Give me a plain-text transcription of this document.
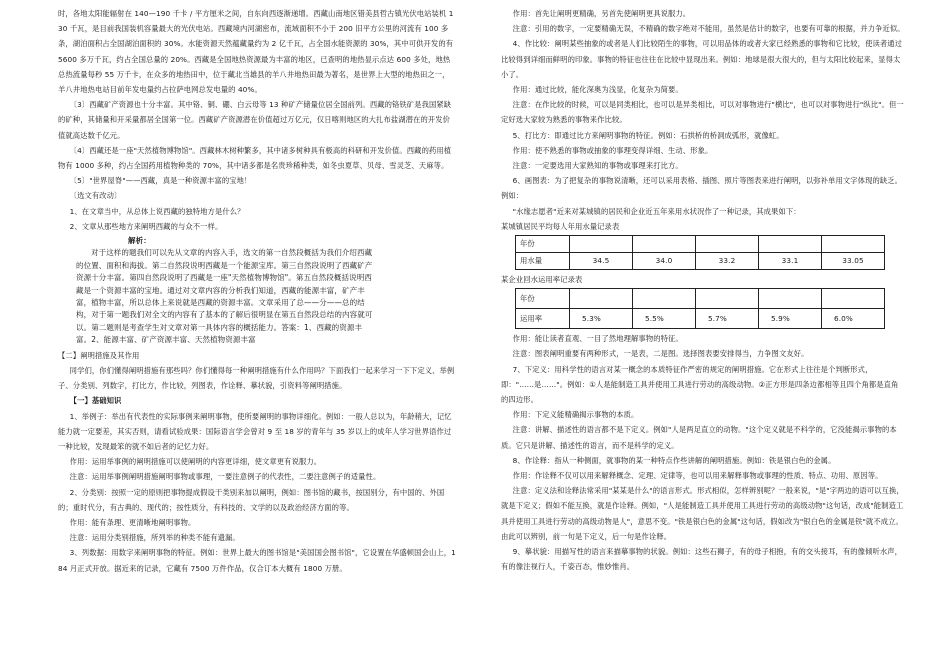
时，各地太阳能辐射在 140—190 千卡 / 平方厘米之间，自东向西逐渐递增。西藏山南地区错美县哲古镇光伏电站装机 130 千瓦，是目前我国装机容量最大的光伏电站。西藏境内河湖密布，流域面积不小于 200 旧平方公里的河流有 100 多条，湖泊面积占全国湖泊面积的 30%。水能资源天然蕴藏量约为 2 亿千瓦，占全国水能资源的 30%，其中可供开发的有 5600 多万千瓦，约占全国总量的 20%。西藏是全国地热资源最为丰富的地区，已查明的地热显示点达 600 多处，地热总热流量每秒 55 万千卡，在众多的地热田中，位于藏北当雄县的羊八井地热田最为著名，是世界上大型的地热田之一，羊八井地热电站目前年发电量约占拉萨电网总发电量的 40%。

〔3〕西藏矿产资源也十分丰富。其中铬、铜、硼、白云母等 13 种矿产储量位居全国前列。西藏的铬铁矿是我国紧缺的矿种，其储量和开采量都居全国第一位。西藏矿产资源潜在价值超过万亿元，仅日喀则地区的大扎布盐湖潜在的开发价值就高达数千亿元。

〔4〕西藏还是一座"天然植物博物馆"。西藏林木树种繁多，其中诸多树种具有极高的科研和开发价值。西藏的药用植物有 1000 多种，约占全国药用植物种类的 70%，其中诸多都是名贵珍稀种类，如冬虫夏草、贝母、雪灵芝、天麻等。

〔5〕"世界屋脊"——西藏，真是一种资源丰富的宝地！

〔选文有改动〕

1、在文章当中，从总体上说西藏的独特地方是什么？

2、文章从那些地方来阐明西藏的与众不一样。

解析：
对于这样的题我们可以先从文章的内容入手，选文的第一自然段概括为我们介绍西藏的位置、面积和海拔。第二自然段说明西藏是一个能源宝库。第三自然段说明了西藏矿产资源十分丰富。第四自然段说明了西藏是一座"天然植物博物馆"。第五自然段概括说明西藏是一个资源丰富的宝地。通过对文章内容的分析我们知道，西藏的能源丰富，矿产丰富，植物丰富，所以总体上来说就是西藏的资源丰富。文章采用了总——分——总的结构，对于第一题我们对全文的内容有了基本的了解后很明显在第五自然段总结的内容就可以。第二题则是考查学生对文章对第一具体内容的概括能力。答案：1、西藏的资源丰富。2、能源丰富、矿产资源丰富、天然植物资源丰富

【二】阐明措施及其作用

同学们，你们懂得阐明措施有那些吗？你们懂得每一种阐明措施有什么作用吗？下面我们一起来学习一下下定义、举例子、分类别、列数字，打比方，作比较，列图表，作诠释、摹状貌，引资料等阐明措施。

【一】基础知识

1、举例子：举出有代表性的实际事例来阐明事物，使所要阐明的事物详细化。例如：一般人总以为，年龄稍大，记忆能力就一定要差，其实否则，请看试验成果：国际语言学会曾对 9 至 18 岁的青年与 35 岁以上的成年人学习世界语作过一种比较，发现最笨的就不如后者的记忆力好。

作用：运用举事例的阐明措施可以使阐明的内容更详细，使文章更有说服力。

注意：运用举事例阐明措施阐明事物或事理，一要注意例子的代表性，二要注意例子的适量性。

2、分类别：按照一定的原则把事物提成假设干类别来加以阐明，例如：图书馆的藏书，按国别分，有中国的、外国的；重时代分，有古典的、现代的；按性质分，有科技的、文学的以及政治经济方面的等。

作用：能有条理、更清晰地阐明事物。

注意：运用分类别措施，所列举的种类不能有遗漏。

3、列数据：用数字来阐明事物的特征。例如：世界上最大的图书馆是"美国国会图书馆"，它设置在华盛顿国会山上，184 月正式开放。据近来的记录，它藏有 7500 万件作品，仅合订本大概有 1800 万册。

作用：首先让阐明更精确，另首先使阐明更具说服力。

注意：引用的数字，一定要精确无误，不精确的数字绝对不能用，虽然是估计的数字，也要有可靠的根据，并力争近似。

4、作比较：阐明某些抽象的或者是人们比较陌生的事物，可以用品体的或者大家已经熟悉的事物和它比较，使读者通过比较得到详细而鲜明的印象。事物的特征也往往在比较中显现出来。例如：地球是很大很大的，但与太阳比较起来，显得太小了。

作用：通过比较，能化深奥为浅显，化复杂为简要。

注意：在作比较的时候，可以是同类相比，也可以是异类相比，可以对事物进行"横比"，也可以对事物进行"纵比"。但一定好选大家较为熟悉的事物来作比较。

5、打比方：即通过比方来阐明事物的特征。例如：石拱桥的桥洞成弧形，就像虹。

作用：使不熟悉的事物或抽象的事理变得详细、生动、形象。

注意：一定要选用大家熟知的事物或事理来打比方。

6、画图表：为了把复杂的事物说清晰，还可以采用表格、插图、照片等图表来进行阐明，以弥补单用文字体现的缺乏。例如：

"水缘志愿者"近来对某城镇的居民和企业近五年来用水状况作了一种记录，其成果如下：

某城镇居民平均每人年用水量记录表

年份					
用水量	34.5	34.0	33.2	33.1	33.05

某企业回水运用率记录表

年份					
运用率	5.3%	5.5%	5.7%	5.9%	6.0%

作用：能让读者直观、一目了然地理解事物的特征。

注意：图表阐明重要有两种形式，一是表，二是图。选择图表要安排得当，力争图文友好。

7、下定义：用科学性的语言对某一概念的本质特征作严密的规定的阐明措施。它在形式上往往是个判断形式，即："……是……"。例如：①人是能制造工具并使用工具进行劳动的高级动物。②正方形是四条边都相等且四个角都是直角的四边形。

作用：下定义能精确揭示事物的本质。

注意：讲解、描述性的语言都不是下定义。例如"人是两足直立的动物。"这个定义就是不科学的，它没能揭示事物的本质。它只是讲解、描述性的语言，而不是科学的定义。

8、作诠释：指从一种侧面，就事物的某一种特点作些讲解的阐明措施。例如：铁是银白色的金属。

作用：作诠释不仅可以用来解释概念、定理、定律等，也可以用来解释事物或事理的性质、特点、功用、原因等。

注意：定义法和诠释法常采用"某某是什么"的语言形式。形式相似，怎样辨别呢？一般来说，"是"字两边的语可以互换，就是下定义；假如不能互换，就是作诠释。例如，"人是能制造工具并使用工具进行劳动的高级动物"这句话，改成"能制造工具并使用工具进行劳动的高级动物是人"，意思不变。"铁是银白色的金属"这句话，假如改为"银白色的金属是铁"就不成立。由此可以辨别，前一句是下定义，后一句是作诠释。

9、摹状貌：用描写性的语言来描摹事物的状貌。例如：这些石狮子，有的母子相抱，有的交头接耳，有的像倾听水声，有的像注视行人，千姿百态，惟妙惟肖。
